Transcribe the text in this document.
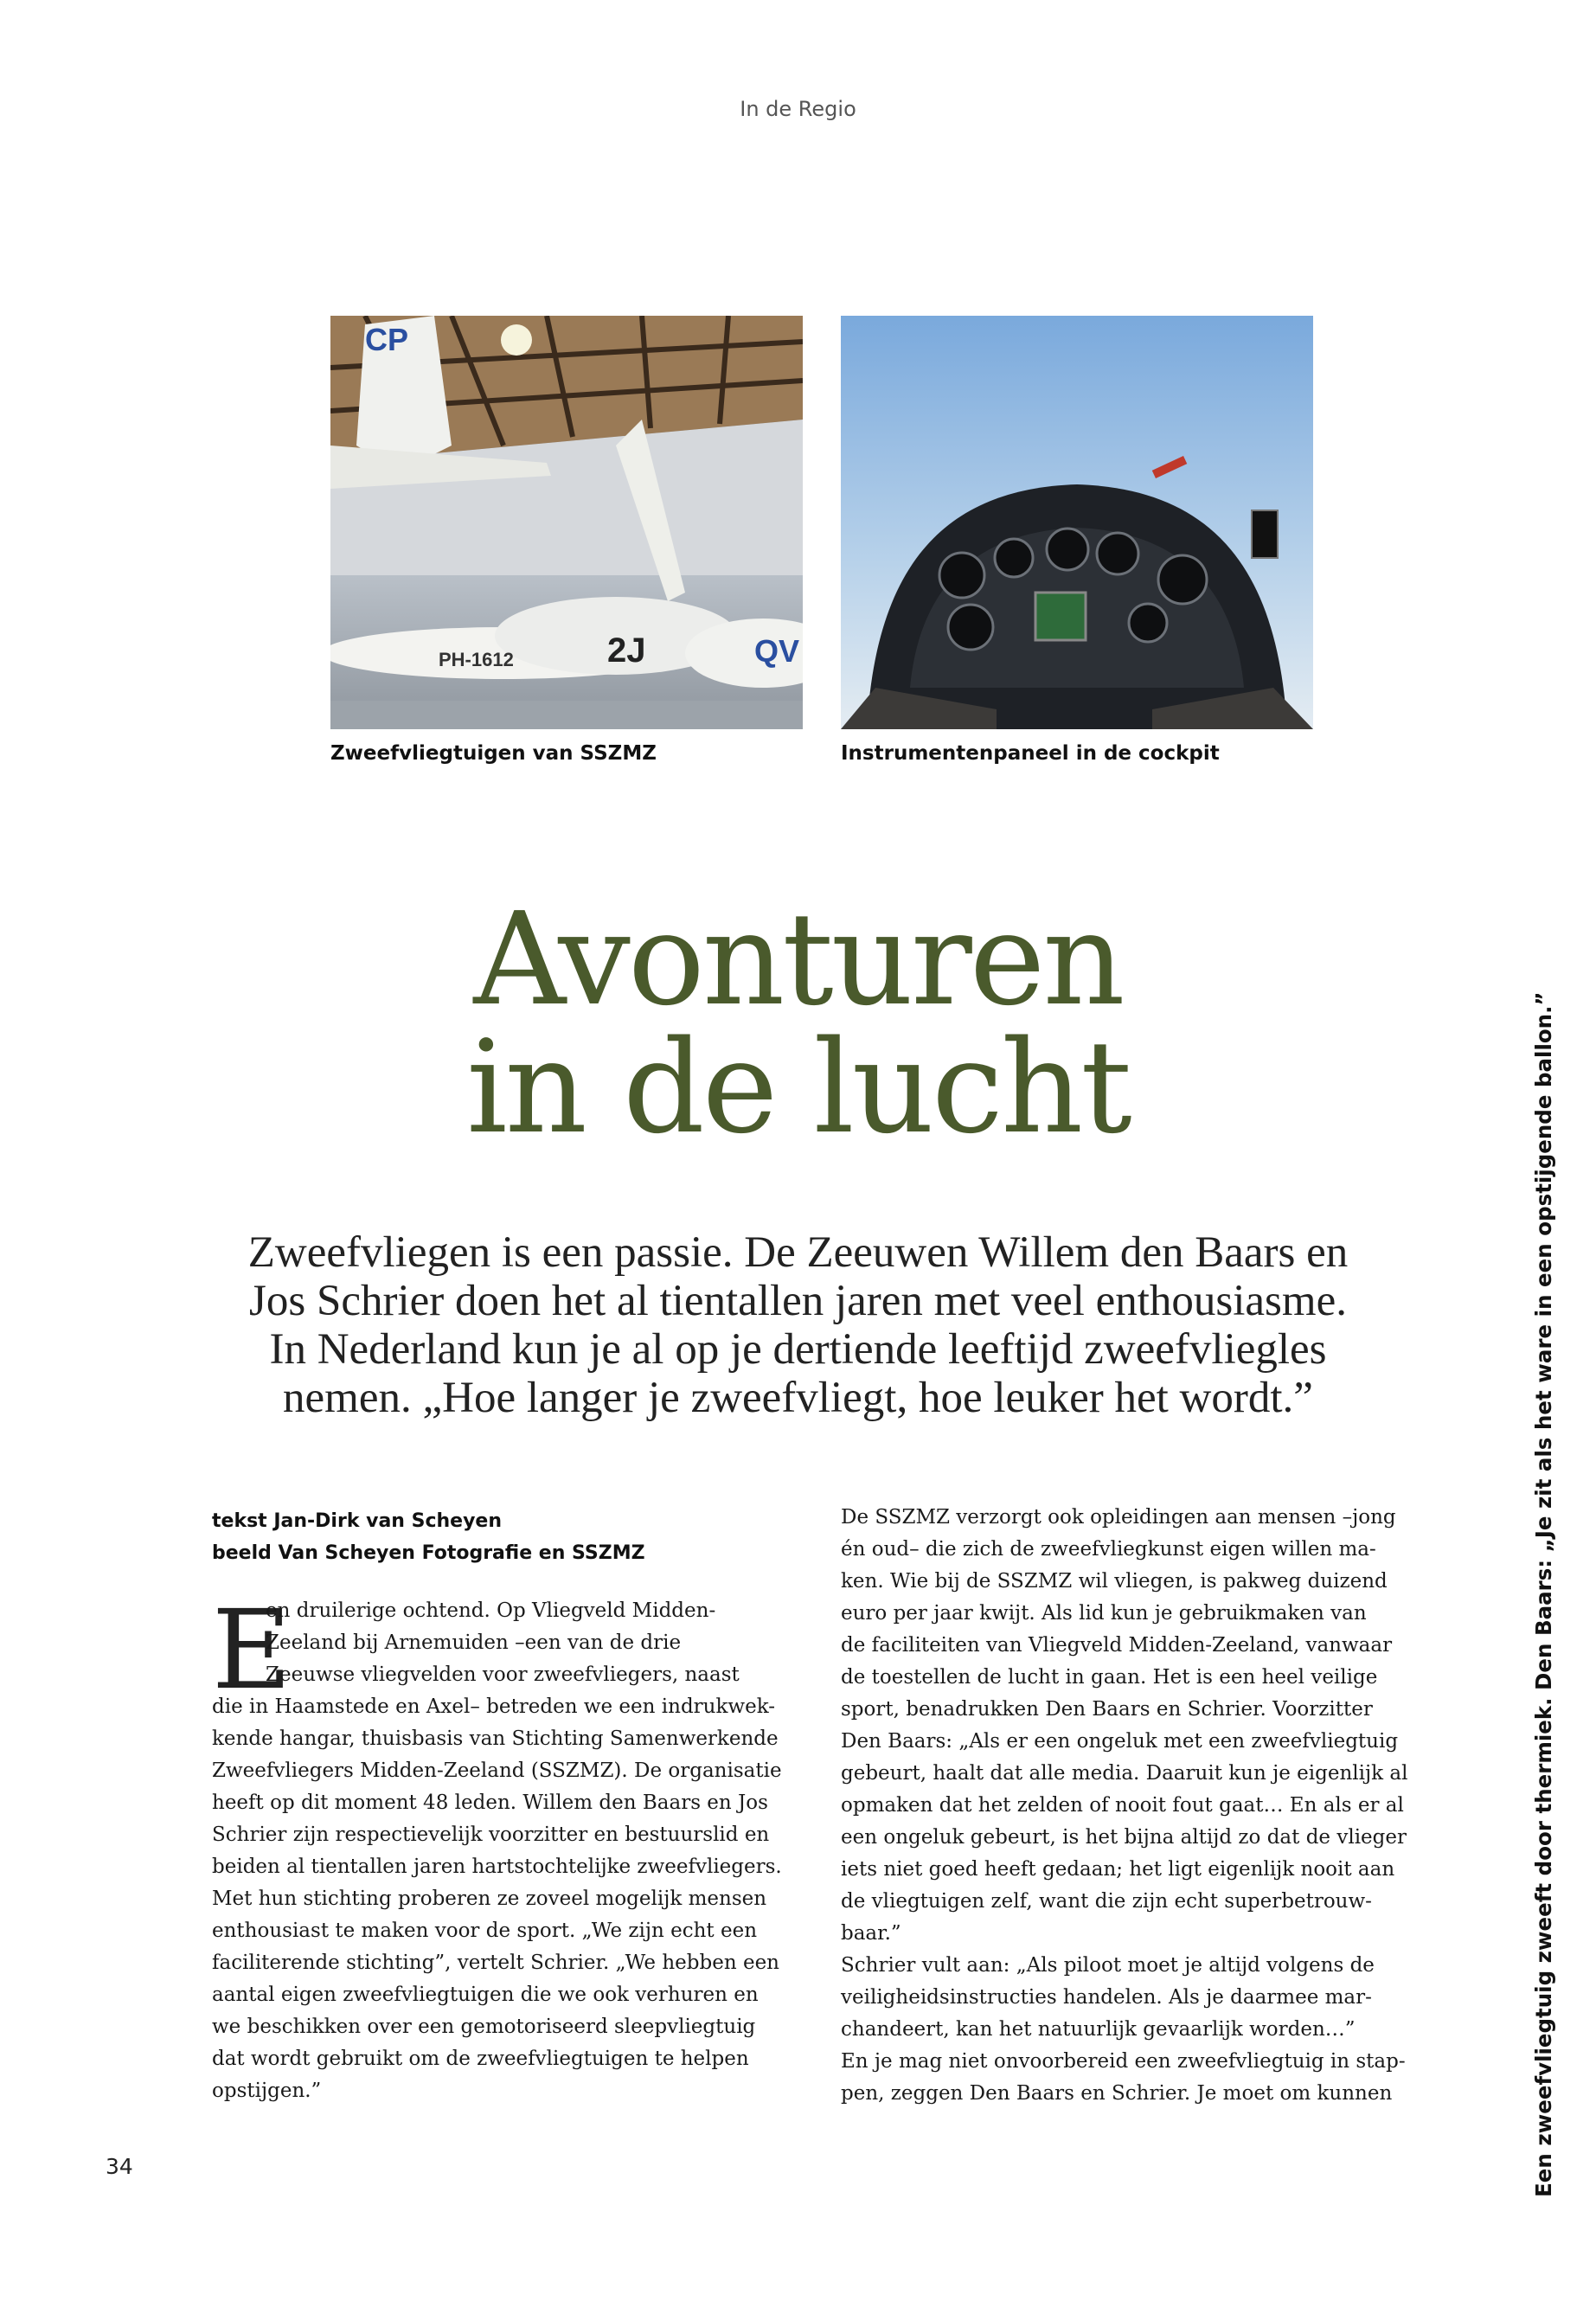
In de Regio
CP
PH-1612	2J	QV
Zweefvliegtuigen van SSZMZ	Instrumentenpaneel in de cockpit
Avonturen
in de lucht
Zweefvliegen is een passie. De Zeeuwen Willem den Baars en
Jos Schrier doen het al tientallen jaren met veel enthousiasme.
In Nederland kun je al op je dertiende leeftijd zweefvliegles
nemen. „Hoe langer je zweefvliegt, hoe leuker het wordt.”
tekst Jan-Dirk van Scheyen
beeld Van Scheyen Fotografie en SSZMZ
E
en druilerige ochtend. Op Vliegveld Midden-
Zeeland bij Arnemuiden –een van de drie
Zeeuwse vliegvelden voor zweefvliegers, naast
die in Haamstede en Axel– betreden we een indrukwek-
kende hangar, thuisbasis van Stichting Samenwerkende
Zweefvliegers Midden-Zeeland (SSZMZ). De organisatie
heeft op dit moment 48 leden. Willem den Baars en Jos
Schrier zijn respectievelijk voorzitter en bestuurslid en
beiden al tientallen jaren hartstochtelijke zweefvliegers.
Met hun stichting proberen ze zoveel mogelijk mensen
enthousiast te maken voor de sport. „We zijn echt een
faciliterende stichting”, vertelt Schrier. „We hebben een
aantal eigen zweefvliegtuigen die we ook verhuren en
we beschikken over een gemotoriseerd sleepvliegtuig
dat wordt gebruikt om de zweefvliegtuigen te helpen
opstijgen.”
De SSZMZ verzorgt ook opleidingen aan mensen –jong
én oud– die zich de zweefvliegkunst eigen willen ma-
ken. Wie bij de SSZMZ wil vliegen, is pakweg duizend
euro per jaar kwijt. Als lid kun je gebruikmaken van
de faciliteiten van Vliegveld Midden-Zeeland, vanwaar
de toestellen de lucht in gaan. Het is een heel veilige
sport, benadrukken Den Baars en Schrier. Voorzitter
Den Baars: „Als er een ongeluk met een zweefvliegtuig
gebeurt, haalt dat alle media. Daaruit kun je eigenlijk al
opmaken dat het zelden of nooit fout gaat… En als er al
een ongeluk gebeurt, is het bijna altijd zo dat de vlieger
iets niet goed heeft gedaan; het ligt eigenlijk nooit aan
de vliegtuigen zelf, want die zijn echt superbetrouw-
baar.”
Schrier vult aan: „Als piloot moet je altijd volgens de
veiligheidsinstructies handelen. Als je daarmee mar-
chandeert, kan het natuurlijk gevaarlijk worden…”
En je mag niet onvoorbereid een zweefvliegtuig in stap-
pen, zeggen Den Baars en Schrier. Je moet om kunnen	Een zweefvliegtuig zweeft door thermiek. Den Baars: „Je zit als het ware in een opstijgende ballon.”
34
